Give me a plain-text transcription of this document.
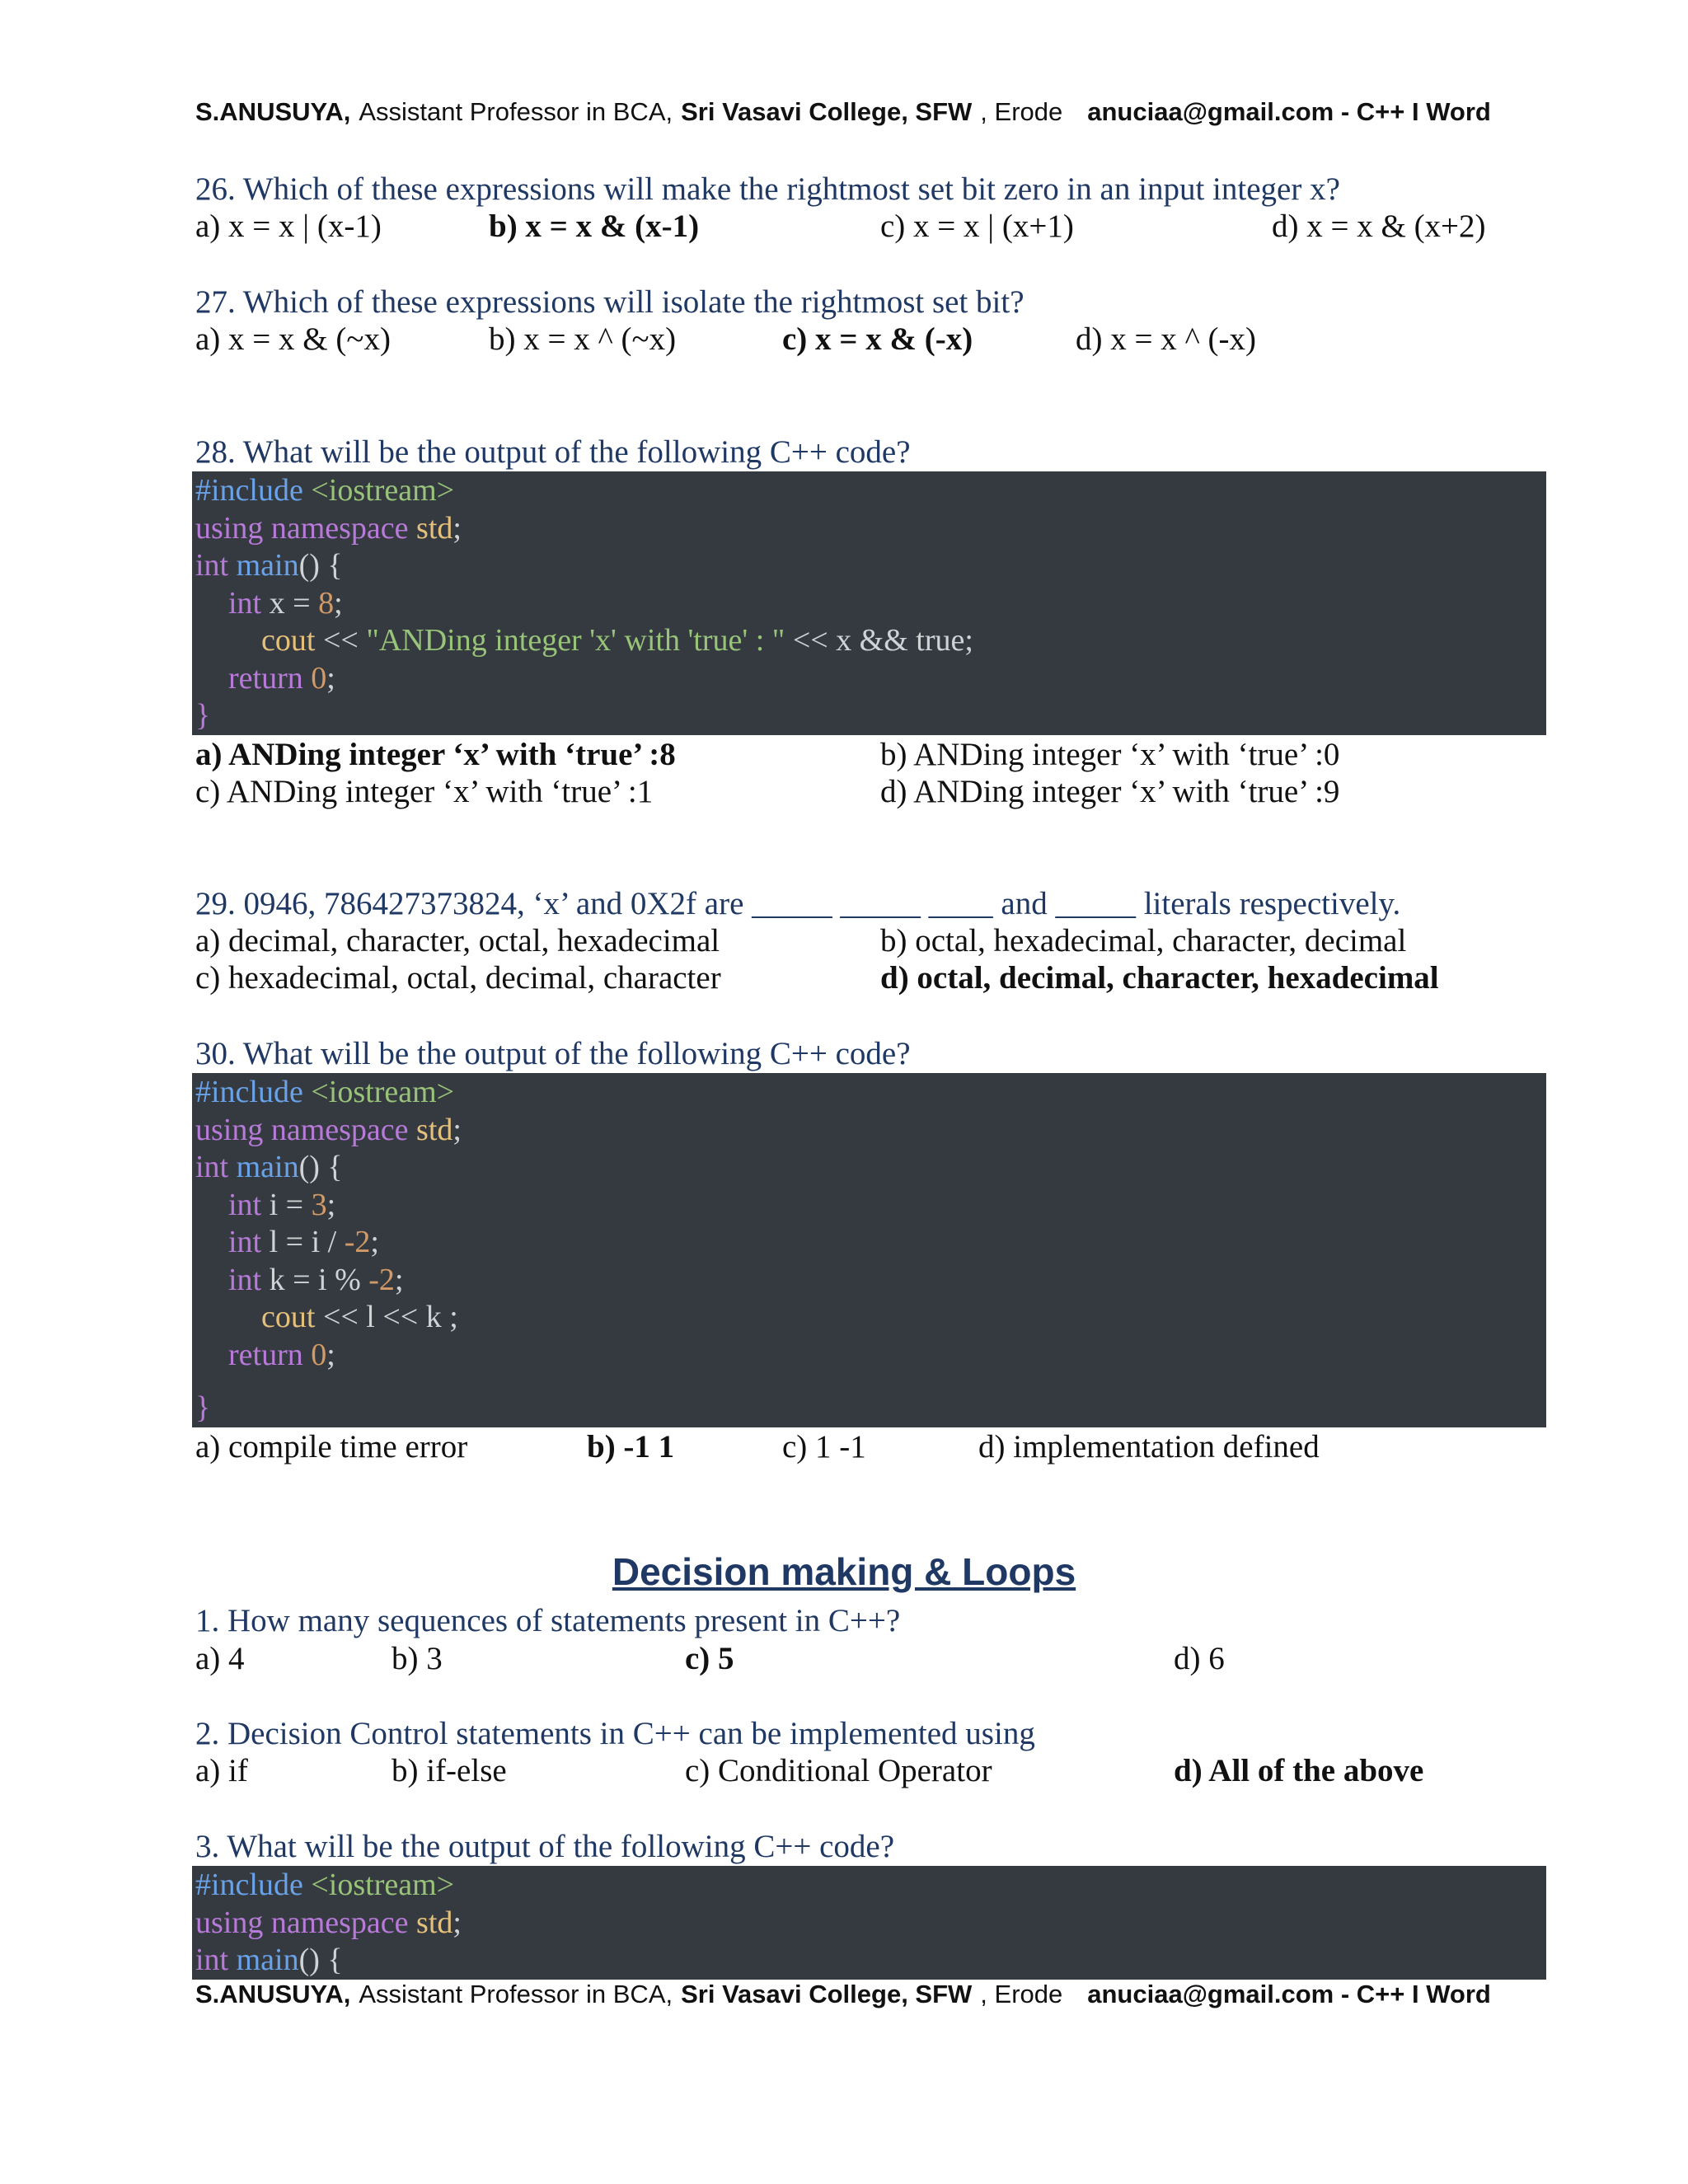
S.ANUSUYA, Assistant Professor in BCA, Sri Vasavi College, SFW , Erode anuciaa@gmail.com - C++ I Word
26. Which of these expressions will make the rightmost set bit zero in an input integer x?
a) x = x | (x-1)	b) x = x & (x-1)	c) x = x | (x+1)	d) x = x & (x+2)
27. Which of these expressions will isolate the rightmost set bit?
a) x = x & (~x)	b) x = x ^ (~x)	c) x = x & (-x)	d) x = x ^ (-x)
28. What will be the output of the following C++ code?
#include <iostream>
using namespace std;
int main() {
int x = 8;
cout << "ANDing integer 'x' with 'true' : " << x && true;
return 0;
}
a) ANDing integer ‘x’ with ‘true’ :8	b) ANDing integer ‘x’ with ‘true’ :0
c) ANDing integer ‘x’ with ‘true’ :1	d) ANDing integer ‘x’ with ‘true’ :9
29. 0946, 786427373824, ‘x’ and 0X2f are _____ _____ ____ and _____ literals respectively.
a) decimal, character, octal, hexadecimal	b) octal, hexadecimal, character, decimal
c) hexadecimal, octal, decimal, character	d) octal, decimal, character, hexadecimal
30. What will be the output of the following C++ code?
#include <iostream>
using namespace std;
int main() {
int i = 3;
int l = i / -2;
int k = i % -2;
cout << l << k ;
return 0;
}
a) compile time error	b) -1 1	c) 1 -1	d) implementation defined
Decision making & Loops
1. How many sequences of statements present in C++?
a) 4	b) 3	c) 5	d) 6
2. Decision Control statements in C++ can be implemented using
a) if	b) if-else	c) Conditional Operator	d) All of the above
3. What will be the output of the following C++ code?
#include <iostream>
using namespace std;
int main() {
S.ANUSUYA, Assistant Professor in BCA, Sri Vasavi College, SFW , Erode anuciaa@gmail.com - C++ I Word
